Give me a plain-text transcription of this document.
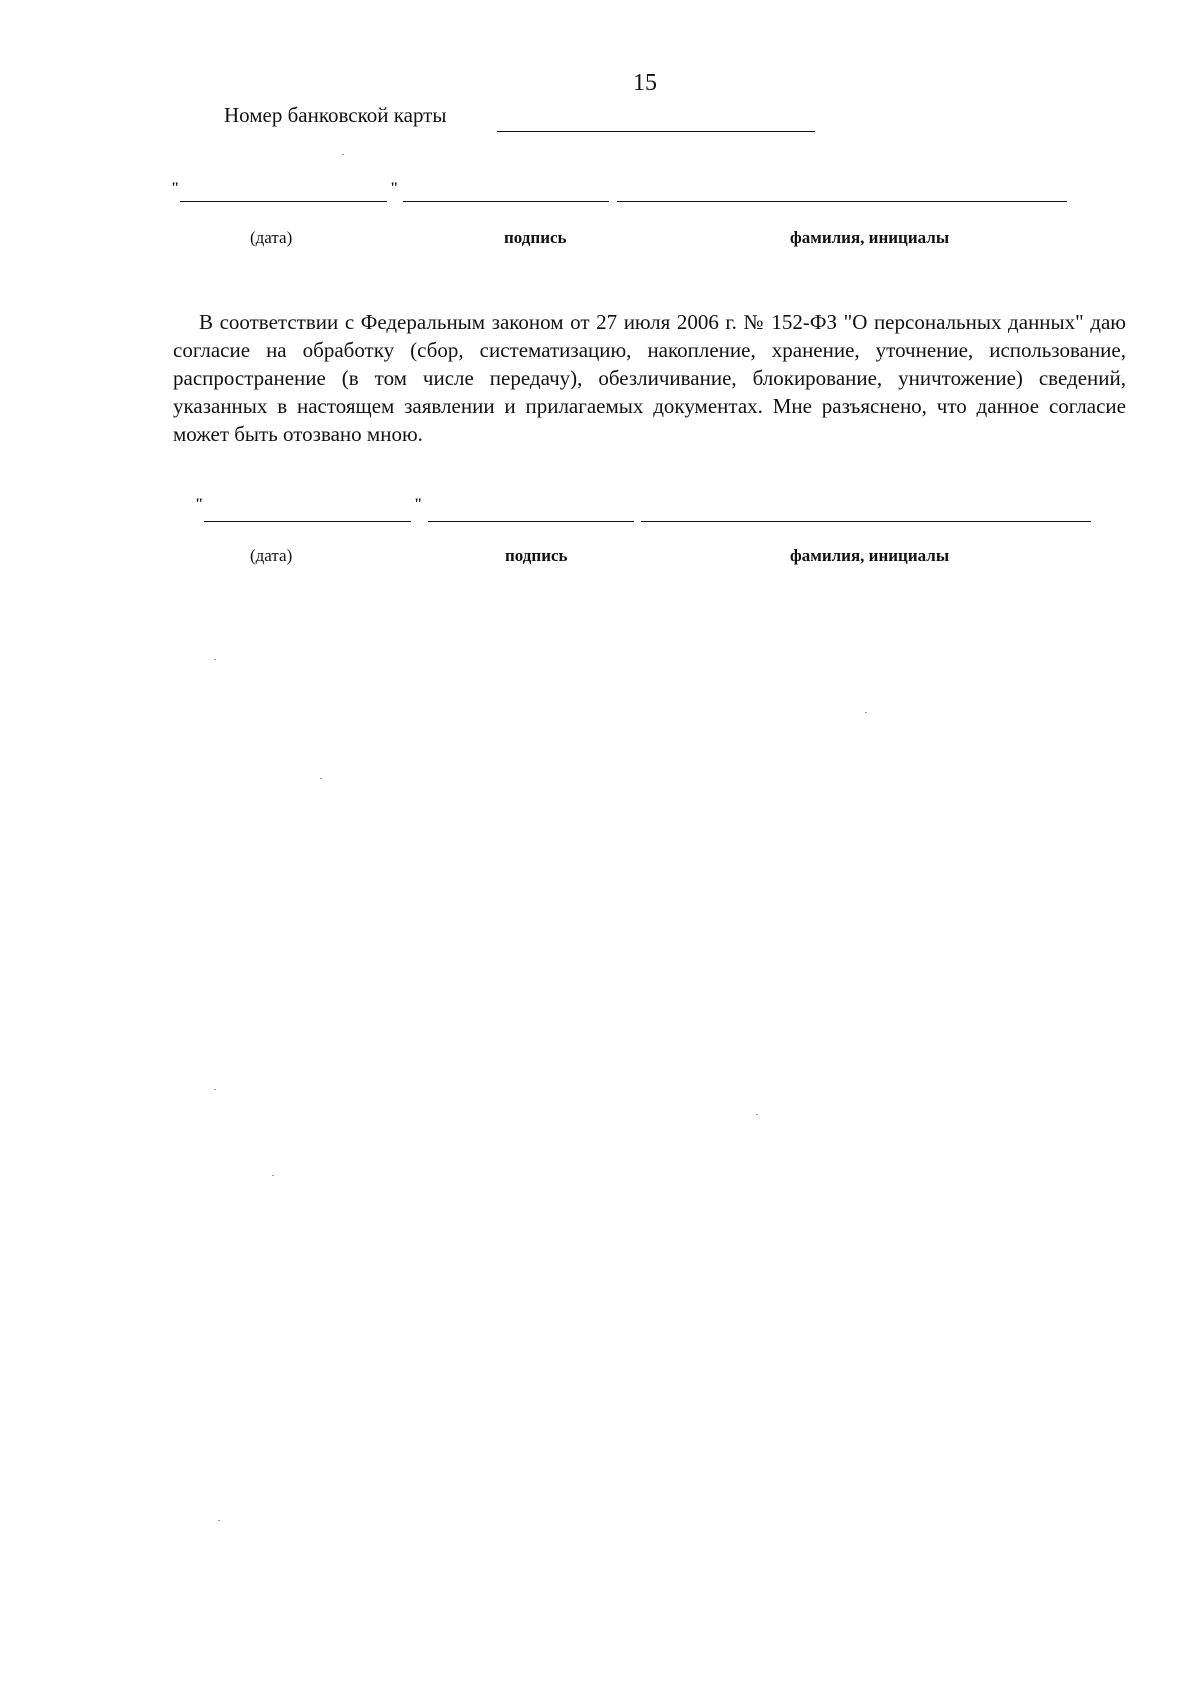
15
Номер банковской карты
"	"
(дата)	подпись	фамилия, инициалы

В соответствии с Федеральным законом от 27 июля 2006 г. № 152-ФЗ "О персональных данных" даю согласие на обработку (сбор, систематизацию, накопление, хранение, уточнение, использование, распространение (в том числе передачу), обезличивание, блокирование, уничтожение) сведений, указанных в настоящем заявлении и прилагаемых документах. Мне разъяснено, что данное согласие может быть отозвано мною.

"	"
(дата)	подпись	фамилия, инициалы
